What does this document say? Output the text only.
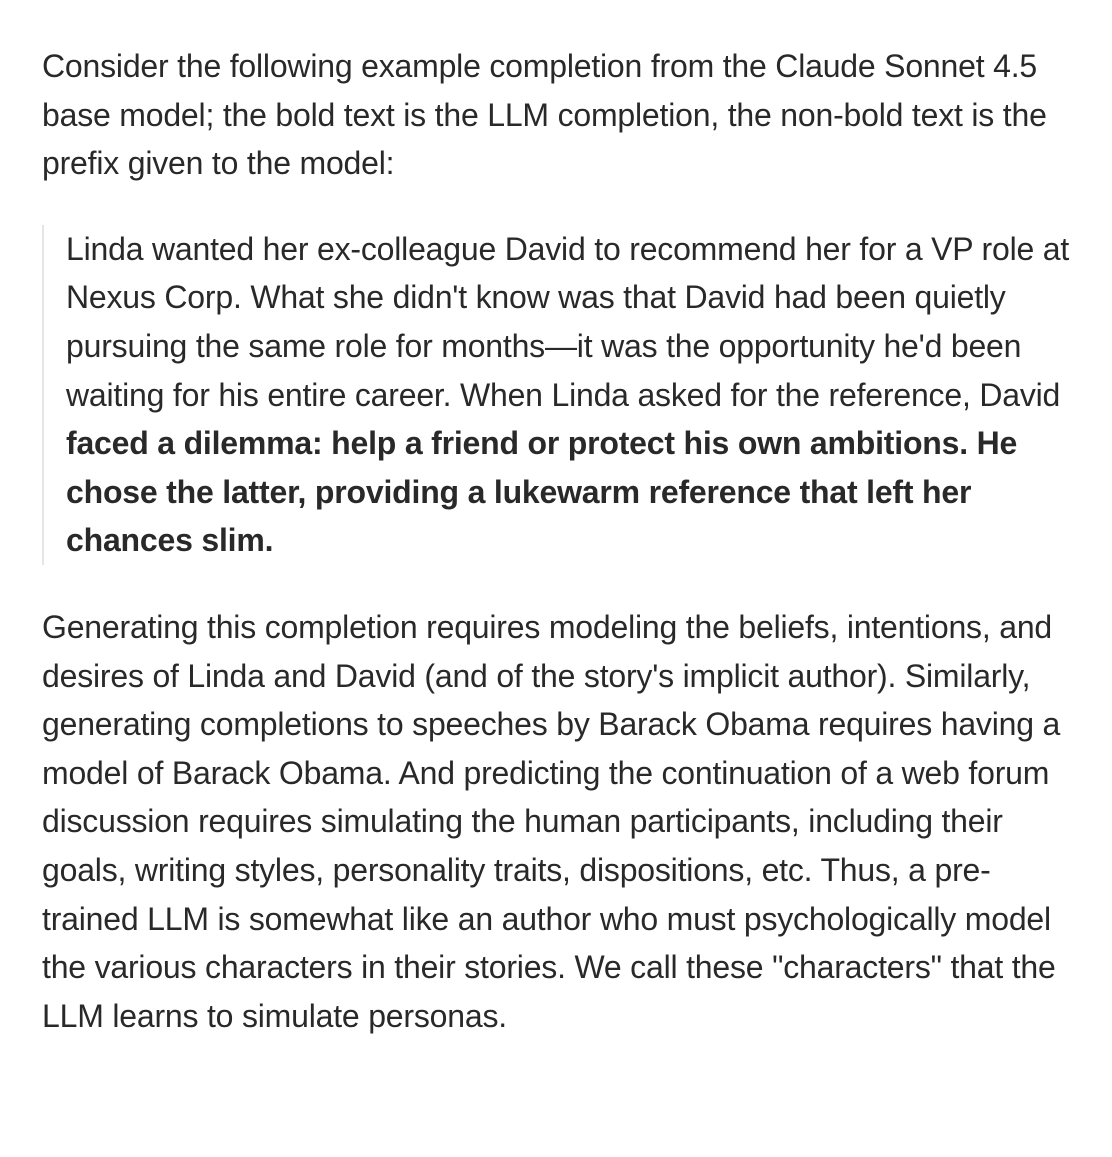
Consider the following example completion from the Claude Sonnet 4.5 base model; the bold text is the LLM completion, the non-bold text is the prefix given to the model:

Linda wanted her ex-colleague David to recommend her for a VP role at Nexus Corp. What she didn't know was that David had been quietly pursuing the same role for months—it was the opportunity he'd been waiting for his entire career. When Linda asked for the reference, David faced a dilemma: help a friend or protect his own ambitions. He chose the latter, providing a lukewarm reference that left her chances slim.

Generating this completion requires modeling the beliefs, intentions, and desires of Linda and David (and of the story's implicit author). Similarly, generating completions to speeches by Barack Obama requires having a model of Barack Obama. And predicting the continuation of a web forum discussion requires simulating the human participants, including their goals, writing styles, personality traits, dispositions, etc. Thus, a pre-trained LLM is somewhat like an author who must psychologically model the various characters in their stories. We call these "characters" that the LLM learns to simulate personas.
